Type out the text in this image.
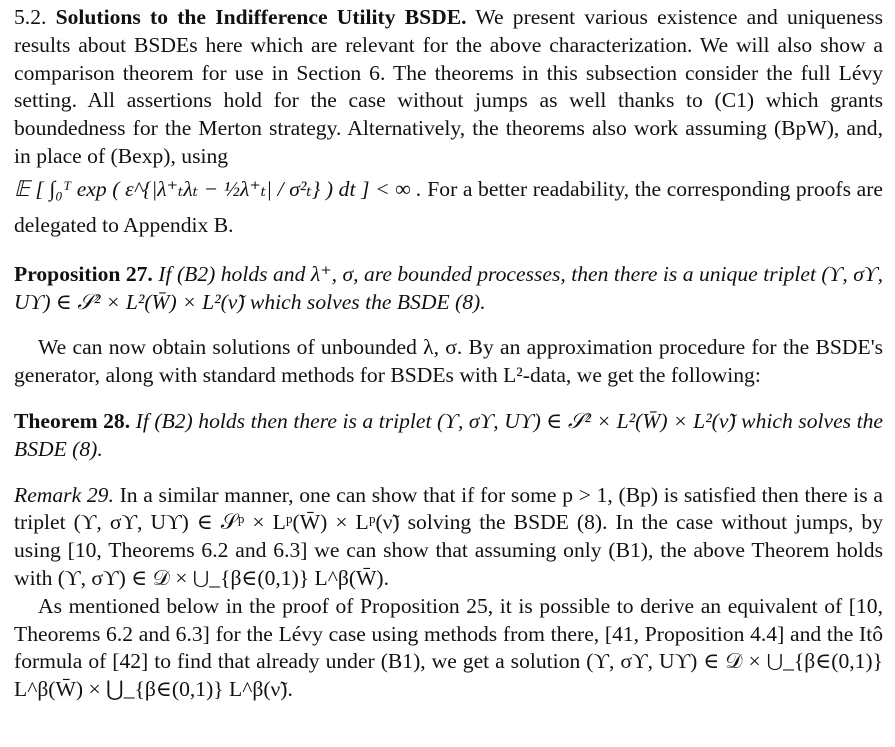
5.2. Solutions to the Indifference Utility BSDE. We present various existence and uniqueness results about BSDEs here which are relevant for the above characterization. We will also show a comparison theorem for use in Section 6. The theorems in this subsection consider the full Lévy setting. All assertions hold for the case without jumps as well thanks to (C1) which grants boundedness for the Merton strategy. Alternatively, the theorems also work assuming (BpW), and, in place of (Bexp), using

𝔼 [ ∫₀ᵀ exp ( ε^{|λ⁺ₜλₜ − ½λ⁺ₜ| / σ²ₜ} ) dt ] < ∞ . For a better readability, the corresponding proofs are delegated to Appendix B.

Proposition 27. If (B2) holds and λ⁺, σ, are bounded processes, then there is a unique triplet (ϒ, σϒ, Uϒ) ∈ 𝒮² × L²(W̄) × L²(ν̃) which solves the BSDE (8).

We can now obtain solutions of unbounded λ, σ. By an approximation procedure for the BSDE's generator, along with standard methods for BSDEs with L²-data, we get the following:

Theorem 28. If (B2) holds then there is a triplet (ϒ, σϒ, Uϒ) ∈ 𝒮² × L²(W̄) × L²(ν̃) which solves the BSDE (8).

Remark 29. In a similar manner, one can show that if for some p > 1, (Bp) is satisfied then there is a triplet (ϒ, σϒ, Uϒ) ∈ 𝒮ᵖ × Lᵖ(W̄) × Lᵖ(ν̃) solving the BSDE (8). In the case without jumps, by using [10, Theorems 6.2 and 6.3] we can show that assuming only (B1), the above Theorem holds with (ϒ, σϒ) ∈ 𝒟 × ⋃_{β∈(0,1)} L^β(W̄).

As mentioned below in the proof of Proposition 25, it is possible to derive an equivalent of [10, Theorems 6.2 and 6.3] for the Lévy case using methods from there, [41, Proposition 4.4] and the Itô formula of [42] to find that already under (B1), we get a solution (ϒ, σϒ, Uϒ) ∈ 𝒟 × ⋃_{β∈(0,1)} L^β(W̄) × ⋃_{β∈(0,1)} L^β(ν̃).
